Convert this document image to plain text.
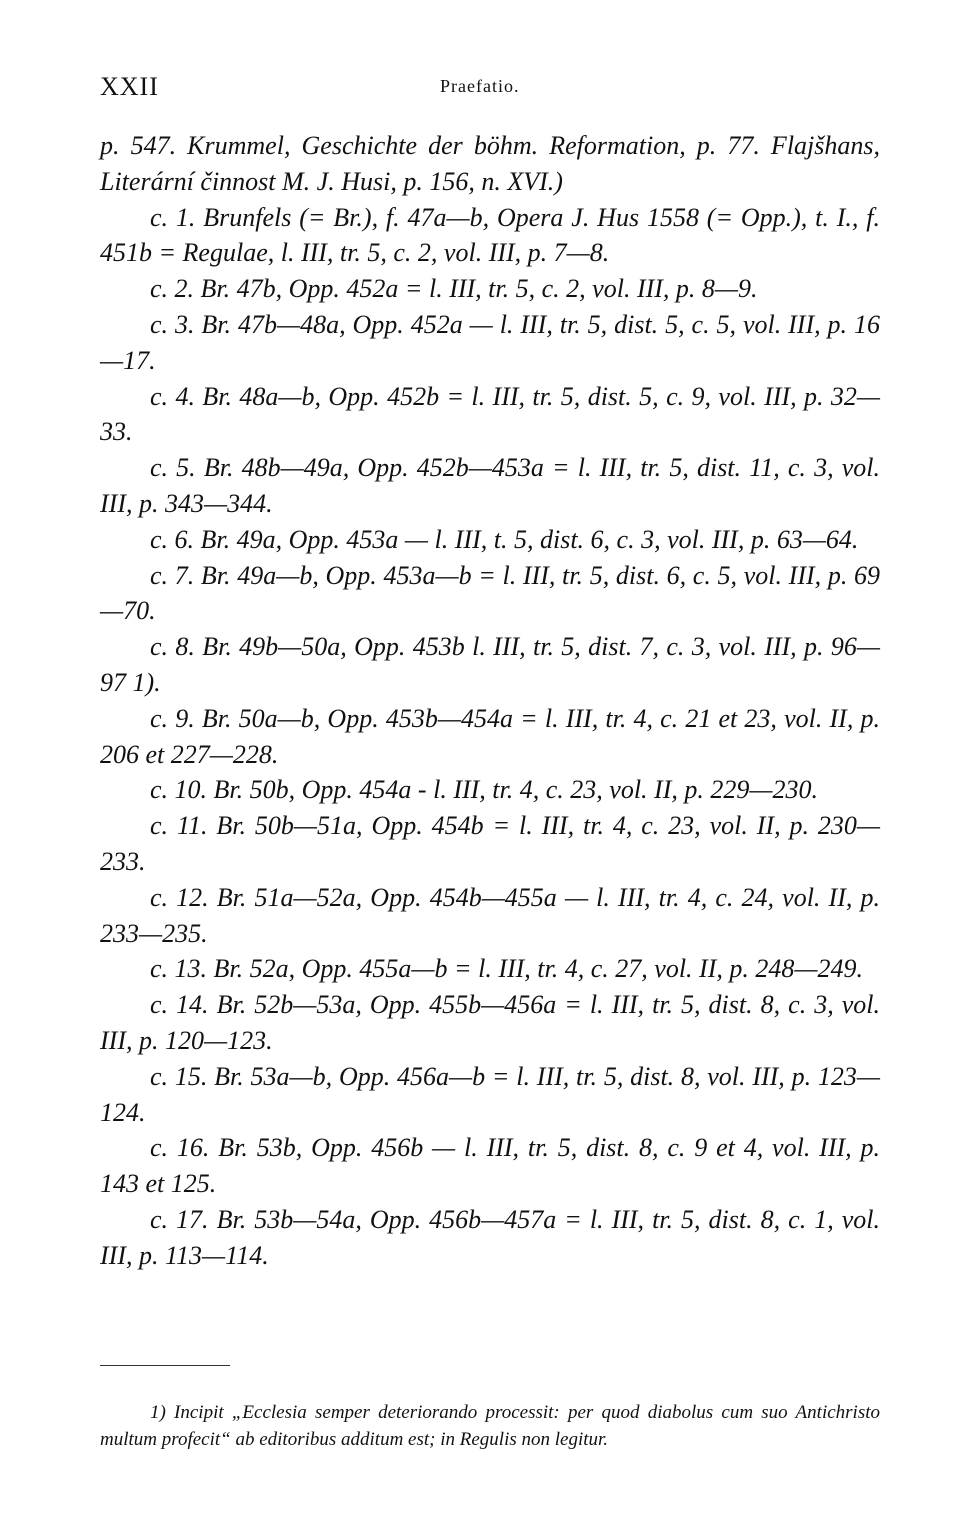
XXII	Praefatio.

p. 547. Krummel, Geschichte der böhm. Reformation, p. 77. Flajšhans, Literární činnost M. J. Husi, p. 156, n. XVI.)

c. 1. Brunfels (= Br.), f. 47a—b, Opera J. Hus 1558 (= Opp.), t. I., f. 451b = Regulae, l. III, tr. 5, c. 2, vol. III, p. 7—8.

c. 2. Br. 47b, Opp. 452a = l. III, tr. 5, c. 2, vol. III, p. 8—9.

c. 3. Br. 47b—48a, Opp. 452a — l. III, tr. 5, dist. 5, c. 5, vol. III, p. 16—17.

c. 4. Br. 48a—b, Opp. 452b = l. III, tr. 5, dist. 5, c. 9, vol. III, p. 32—33.

c. 5. Br. 48b—49a, Opp. 452b—453a = l. III, tr. 5, dist. 11, c. 3, vol. III, p. 343—344.

c. 6. Br. 49a, Opp. 453a — l. III, t. 5, dist. 6, c. 3, vol. III, p. 63—64.

c. 7. Br. 49a—b, Opp. 453a—b = l. III, tr. 5, dist. 6, c. 5, vol. III, p. 69—70.

c. 8. Br. 49b—50a, Opp. 453b l. III, tr. 5, dist. 7, c. 3, vol. III, p. 96—97 1).

c. 9. Br. 50a—b, Opp. 453b—454a = l. III, tr. 4, c. 21 et 23, vol. II, p. 206 et 227—228.

c. 10. Br. 50b, Opp. 454a - l. III, tr. 4, c. 23, vol. II, p. 229—230.

c. 11. Br. 50b—51a, Opp. 454b = l. III, tr. 4, c. 23, vol. II, p. 230—233.

c. 12. Br. 51a—52a, Opp. 454b—455a — l. III, tr. 4, c. 24, vol. II, p. 233—235.

c. 13. Br. 52a, Opp. 455a—b = l. III, tr. 4, c. 27, vol. II, p. 248—249.

c. 14. Br. 52b—53a, Opp. 455b—456a = l. III, tr. 5, dist. 8, c. 3, vol. III, p. 120—123.

c. 15. Br. 53a—b, Opp. 456a—b = l. III, tr. 5, dist. 8, vol. III, p. 123—124.

c. 16. Br. 53b, Opp. 456b — l. III, tr. 5, dist. 8, c. 9 et 4, vol. III, p. 143 et 125.

c. 17. Br. 53b—54a, Opp. 456b—457a = l. III, tr. 5, dist. 8, c. 1, vol. III, p. 113—114.

1) Incipit „Ecclesia semper deteriorando processit: per quod diabolus cum suo Antichristo multum profecit“ ab editoribus additum est; in Regulis non legitur.
